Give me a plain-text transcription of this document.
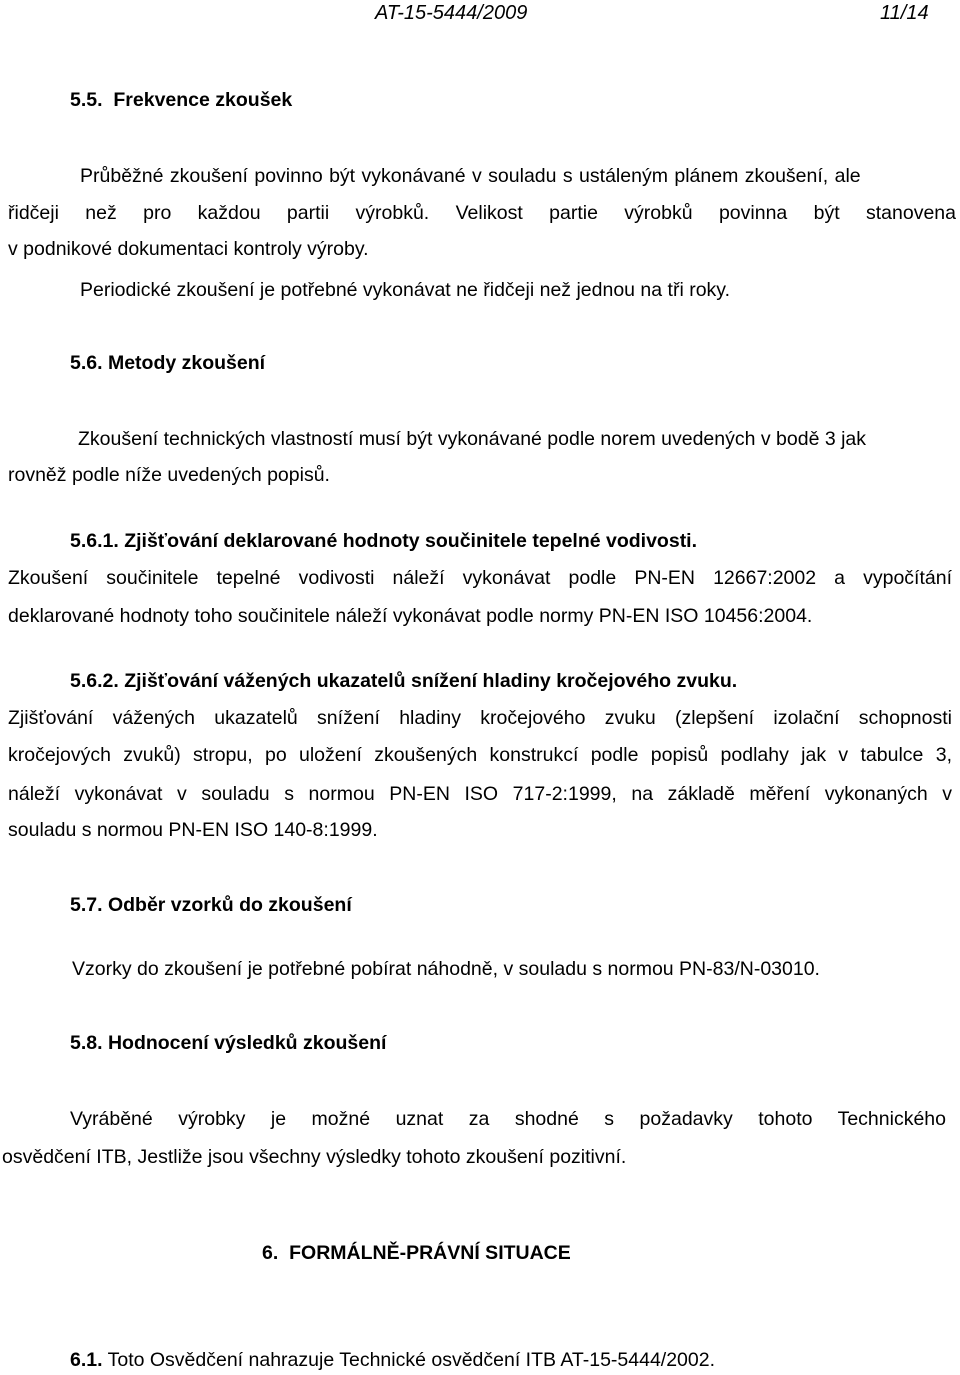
AT-15-5444/2009	11/14
5.5. Frekvence zkoušek
Průběžné zkoušení povinno být vykonávané v souladu s ustáleným plánem zkoušení, ale
řidčeji než pro každou partii výrobků. Velikost partie výrobků povinna být stanovena
v podnikové dokumentaci kontroly výroby.
Periodické zkoušení je potřebné vykonávat ne řidčeji než jednou na tři roky.
5.6. Metody zkoušení
Zkoušení technických vlastností musí být vykonávané podle norem uvedených v bodě 3 jak
rovněž podle níže uvedených popisů.
5.6.1. Zjišťování deklarované hodnoty součinitele tepelné vodivosti.
Zkoušení součinitele tepelné vodivosti náleží vykonávat podle PN-EN 12667:2002 a vypočítání
deklarované hodnoty toho součinitele náleží vykonávat podle normy PN-EN ISO 10456:2004.
5.6.2. Zjišťování vážených ukazatelů snížení hladiny kročejového zvuku.
Zjišťování vážených ukazatelů snížení hladiny kročejového zvuku (zlepšení izolační schopnosti
kročejových zvuků) stropu, po uložení zkoušených konstrukcí podle popisů podlahy jak v tabulce 3,
náleží vykonávat v souladu s normou PN-EN ISO 717-2:1999, na základě měření vykonaných v
souladu s normou PN-EN ISO 140-8:1999.
5.7. Odběr vzorků do zkoušení
Vzorky do zkoušení je potřebné pobírat náhodně, v souladu s normou PN-83/N-03010.
5.8. Hodnocení výsledků zkoušení
Vyráběné výrobky je možné uznat za shodné s požadavky tohoto Technického
osvědčení ITB, Jestliže jsou všechny výsledky tohoto zkoušení pozitivní.
6. FORMÁLNĚ-PRÁVNÍ SITUACE
6.1. Toto Osvědčení nahrazuje Technické osvědčení ITB AT-15-5444/2002.
